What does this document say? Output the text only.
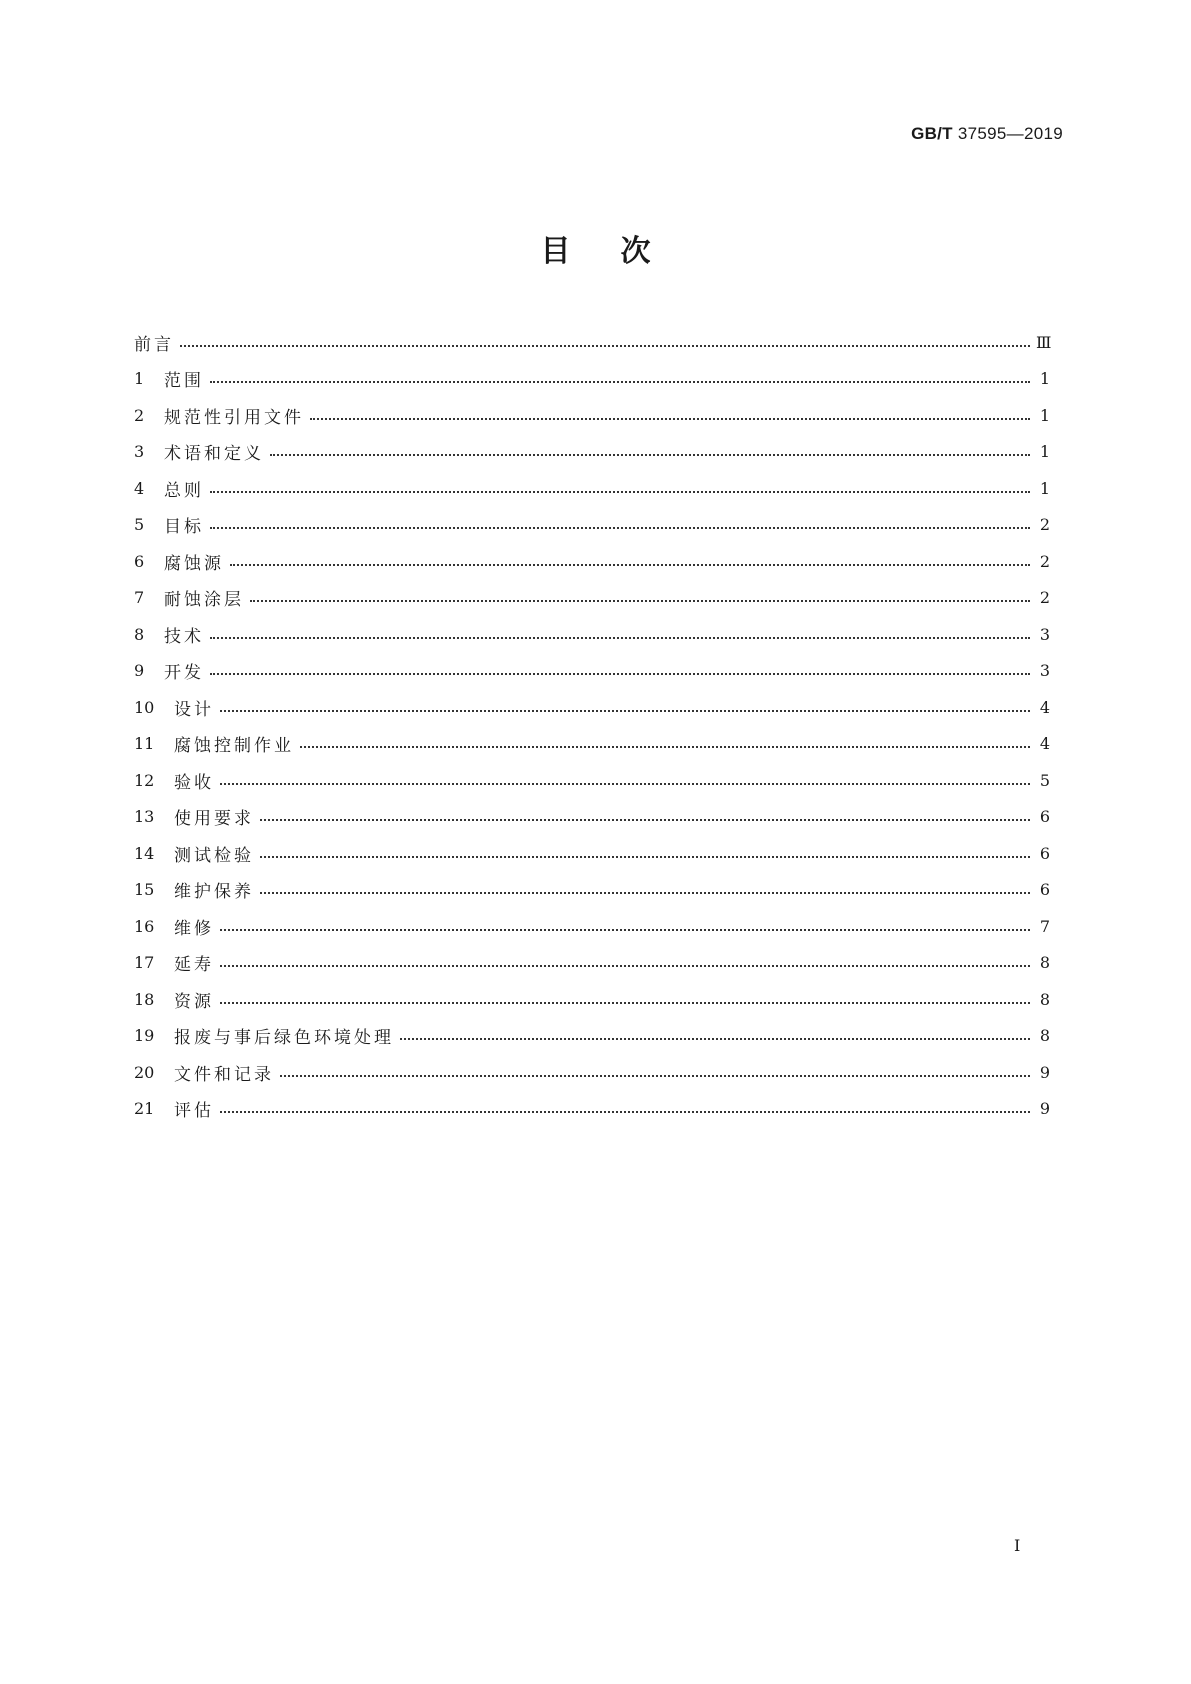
GB/T 37595—2019
目次
前言	Ⅲ
1	范围	1
2	规范性引用文件	1
3	术语和定义	1
4	总则	1
5	目标	2
6	腐蚀源	2
7	耐蚀涂层	2
8	技术	3
9	开发	3
10	设计	4
11	腐蚀控制作业	4
12	验收	5
13	使用要求	6
14	测试检验	6
15	维护保养	6
16	维修	7
17	延寿	8
18	资源	8
19	报废与事后绿色环境处理	8
20	文件和记录	9
21	评估	9
I
